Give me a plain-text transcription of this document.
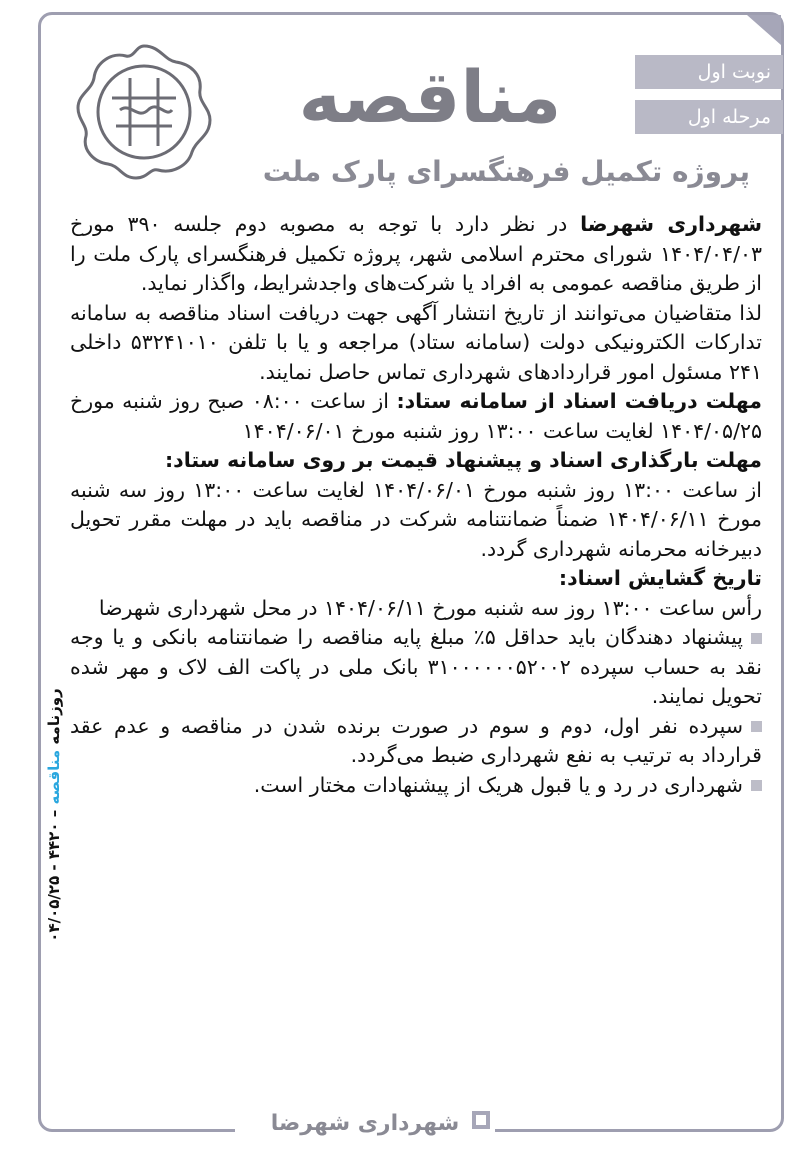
نوبت اول
مرحله اول
مناقصه
پروژه تکمیل فرهنگسرای پارک ملت

شهرداری شهرضا در نظر دارد با توجه به مصوبه دوم جلسه ۳۹۰ مورخ ۱۴۰۴/۰۴/۰۳ شورای محترم اسلامی شهر، پروژه تکمیل فرهنگسرای پارک ملت را از طریق مناقصه عمومی به افراد یا شرکت‌های واجدشرایط، واگذار نماید.

لذا متقاضیان می‌توانند از تاریخ انتشار آگهی جهت دریافت اسناد مناقصه به سامانه تدارکات الکترونیکی دولت (سامانه ستاد) مراجعه و یا با تلفن ۵۳۲۴۱۰۱۰ داخلی ۲۴۱ مسئول امور قراردادهای شهرداری تماس حاصل نمایند.

مهلت دریافت اسناد از سامانه ستاد: از ساعت ۰۸:۰۰ صبح روز شنبه مورخ ۱۴۰۴/۰۵/۲۵ لغایت ساعت ۱۳:۰۰ روز شنبه مورخ ۱۴۰۴/۰۶/۰۱

مهلت بارگذاری اسناد و پیشنهاد قیمت بر روی سامانه ستاد:

از ساعت ۱۳:۰۰ روز شنبه مورخ ۱۴۰۴/۰۶/۰۱ لغایت ساعت ۱۳:۰۰ روز سه شنبه مورخ ۱۴۰۴/۰۶/۱۱ ضمناً ضمانتنامه شرکت در مناقصه باید در مهلت مقرر تحویل دبیرخانه محرمانه شهرداری گردد.

تاریخ گشایش اسناد:

رأس ساعت ۱۳:۰۰ روز سه شنبه مورخ ۱۴۰۴/۰۶/۱۱ در محل شهرداری شهرضا

پیشنهاد دهندگان باید حداقل ۵٪ مبلغ پایه مناقصه را ضمانتنامه بانکی و یا وجه نقد به حساب سپرده ۳۱۰۰۰۰۰۰۵۲۰۰۲ بانک ملی در پاکت الف لاک و مهر شده تحویل نمایند.

سپرده نفر اول، دوم و سوم در صورت برنده شدن در مناقصه و عدم عقد قرارداد به ترتیب به نفع شهرداری ضبط می‌گردد.

شهرداری در رد و یا قبول هریک از پیشنهادات مختار است.

روزنامه مناقصه – ۴۴۲۰ - ۰۴/۰۵/۲۵
شهرداری شهرضا
